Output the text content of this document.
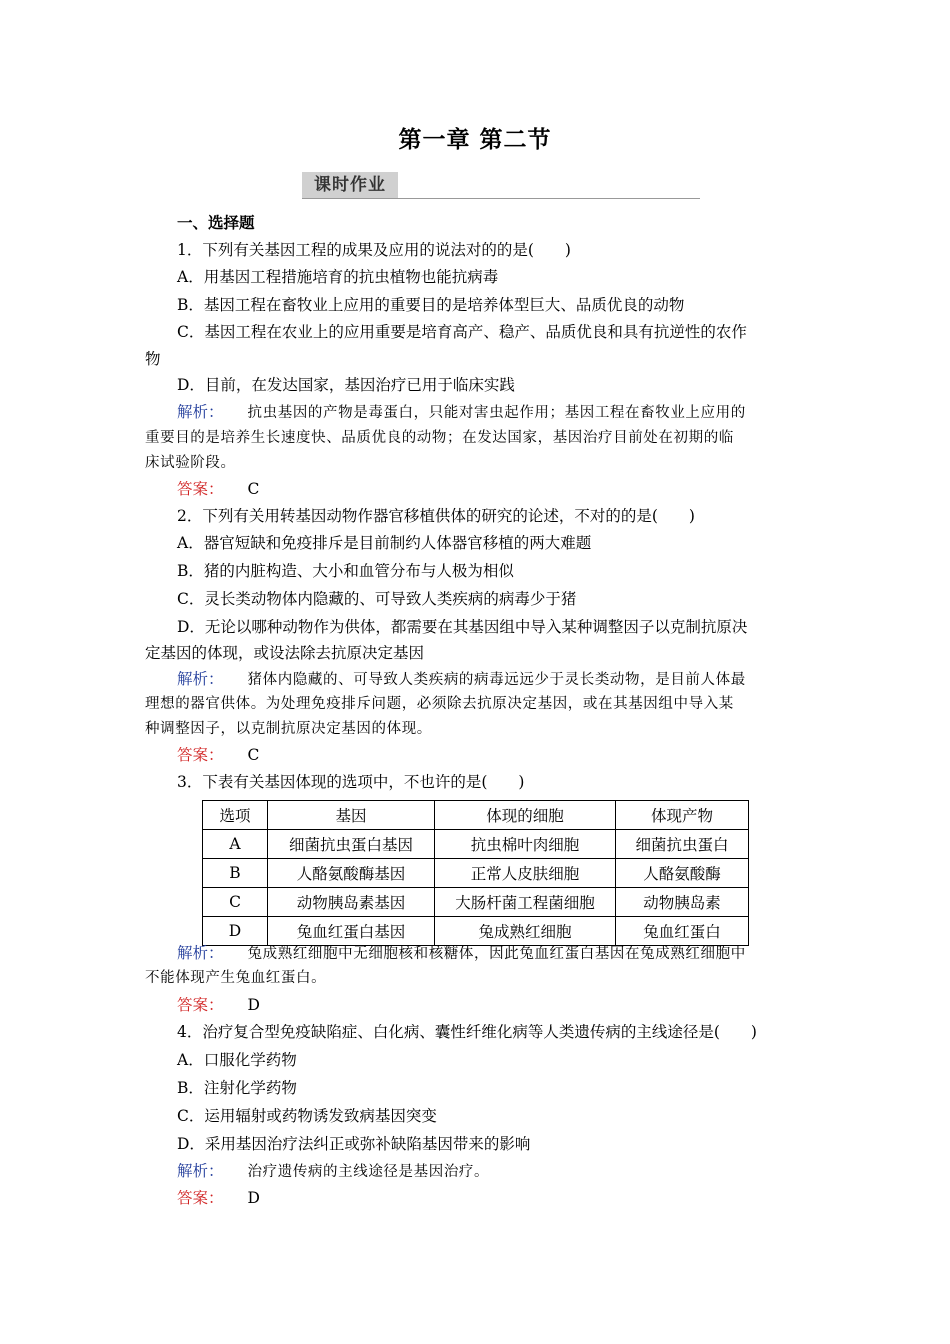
第一章 第二节
课时作业
一、选择题
1．下列有关基因工程的成果及应用的说法对的的是(　　)
A．用基因工程措施培育的抗虫植物也能抗病毒
B．基因工程在畜牧业上应用的重要目的是培养体型巨大、品质优良的动物
C．基因工程在农业上的应用重要是培育高产、稳产、品质优良和具有抗逆性的农作
物
D．目前，在发达国家，基因治疗已用于临床实践
解析： 抗虫基因的产物是毒蛋白，只能对害虫起作用；基因工程在畜牧业上应用的
重要目的是培养生长速度快、品质优良的动物；在发达国家，基因治疗目前处在初期的临
床试验阶段。
答案： C
2．下列有关用转基因动物作器官移植供体的研究的论述，不对的的是(　　)
A．器官短缺和免疫排斥是目前制约人体器官移植的两大难题
B．猪的内脏构造、大小和血管分布与人极为相似
C．灵长类动物体内隐藏的、可导致人类疾病的病毒少于猪
D．无论以哪种动物作为供体，都需要在其基因组中导入某种调整因子以克制抗原决
定基因的体现，或设法除去抗原决定基因
解析： 猪体内隐藏的、可导致人类疾病的病毒远远少于灵长类动物，是目前人体最
理想的器官供体。为处理免疫排斥问题，必须除去抗原决定基因，或在其基因组中导入某
种调整因子，以克制抗原决定基因的体现。
答案： C
3．下表有关基因体现的选项中，不也许的是(　　)
选项	基因	体现的细胞	体现产物
A	细菌抗虫蛋白基因	抗虫棉叶肉细胞	细菌抗虫蛋白
B	人酪氨酸酶基因	正常人皮肤细胞	人酪氨酸酶
C	动物胰岛素基因	大肠杆菌工程菌细胞	动物胰岛素
D	兔血红蛋白基因	兔成熟红细胞	兔血红蛋白
解析： 兔成熟红细胞中无细胞核和核糖体，因此兔血红蛋白基因在兔成熟红细胞中
不能体现产生兔血红蛋白。
答案： D
4．治疗复合型免疫缺陷症、白化病、囊性纤维化病等人类遗传病的主线途径是(　　)
A．口服化学药物
B．注射化学药物
C．运用辐射或药物诱发致病基因突变
D．采用基因治疗法纠正或弥补缺陷基因带来的影响
解析： 治疗遗传病的主线途径是基因治疗。
答案： D
